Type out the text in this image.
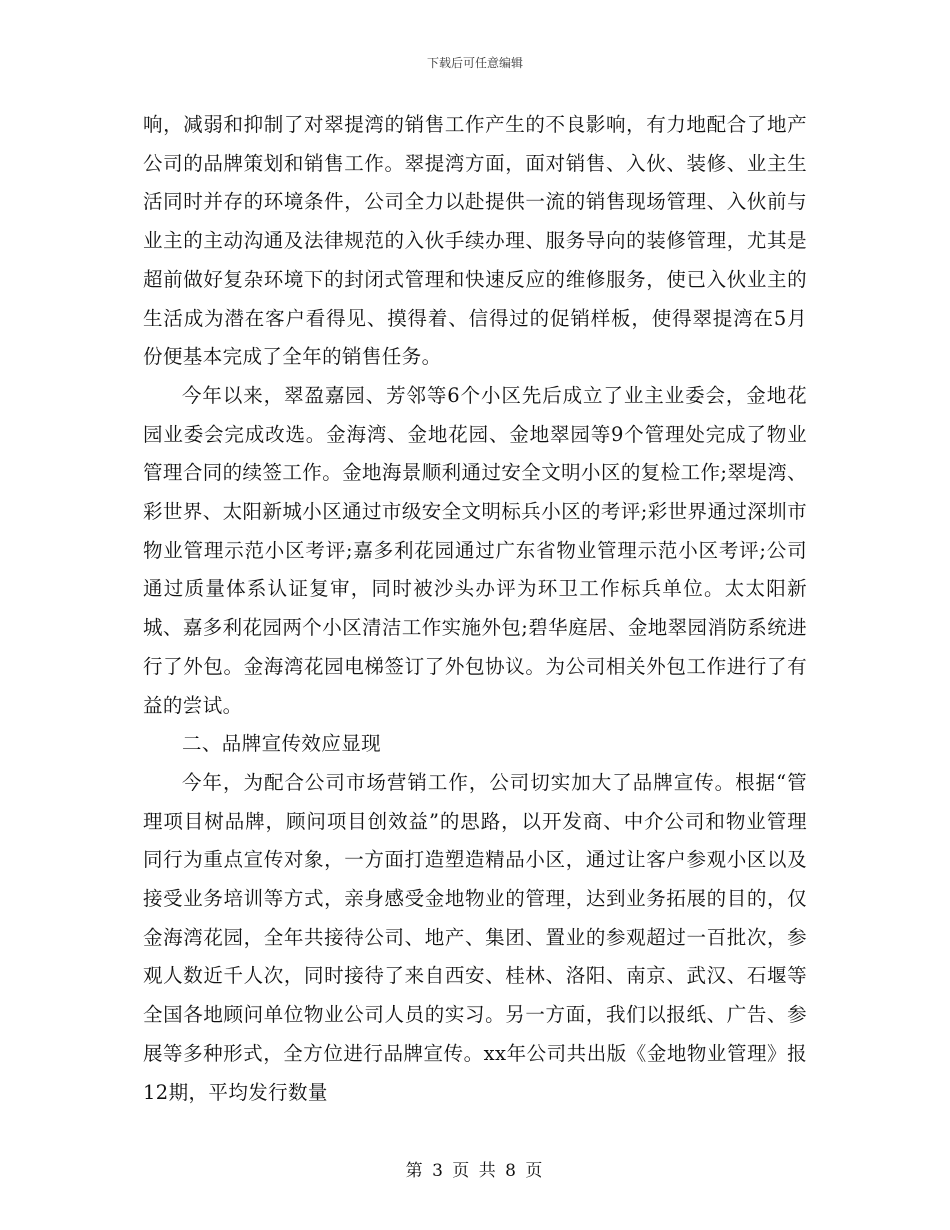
下载后可任意编辑

响，减弱和抑制了对翠提湾的销售工作产生的不良影响，有力地配合了地产公司的品牌策划和销售工作。翠提湾方面，面对销售、入伙、装修、业主生活同时并存的环境条件，公司全力以赴提供一流的销售现场管理、入伙前与业主的主动沟通及法律规范的入伙手续办理、服务导向的装修管理，尤其是超前做好复杂环境下的封闭式管理和快速反应的维修服务，使已入伙业主的生活成为潜在客户看得见、摸得着、信得过的促销样板，使得翠提湾在5月份便基本完成了全年的销售任务。

今年以来，翠盈嘉园、芳邻等6个小区先后成立了业主业委会，金地花园业委会完成改选。金海湾、金地花园、金地翠园等9个管理处完成了物业管理合同的续签工作。金地海景顺利通过安全文明小区的复检工作;翠堤湾、彩世界、太阳新城小区通过市级安全文明标兵小区的考评;彩世界通过深圳市物业管理示范小区考评;嘉多利花园通过广东省物业管理示范小区考评;公司通过质量体系认证复审，同时被沙头办评为环卫工作标兵单位。太太阳新城、嘉多利花园两个小区清洁工作实施外包;碧华庭居、金地翠园消防系统进行了外包。金海湾花园电梯签订了外包协议。为公司相关外包工作进行了有益的尝试。

二、品牌宣传效应显现

今年，为配合公司市场营销工作，公司切实加大了品牌宣传。根据“管理项目树品牌，顾问项目创效益”的思路，以开发商、中介公司和物业管理同行为重点宣传对象，一方面打造塑造精品小区，通过让客户参观小区以及接受业务培训等方式，亲身感受金地物业的管理，达到业务拓展的目的，仅金海湾花园，全年共接待公司、地产、集团、置业的参观超过一百批次，参观人数近千人次，同时接待了来自西安、桂林、洛阳、南京、武汉、石堰等全国各地顾问单位物业公司人员的实习。另一方面，我们以报纸、广告、参展等多种形式，全方位进行品牌宣传。xx年公司共出版《金地物业管理》报12期，平均发行数量

第 3 页 共 8 页
